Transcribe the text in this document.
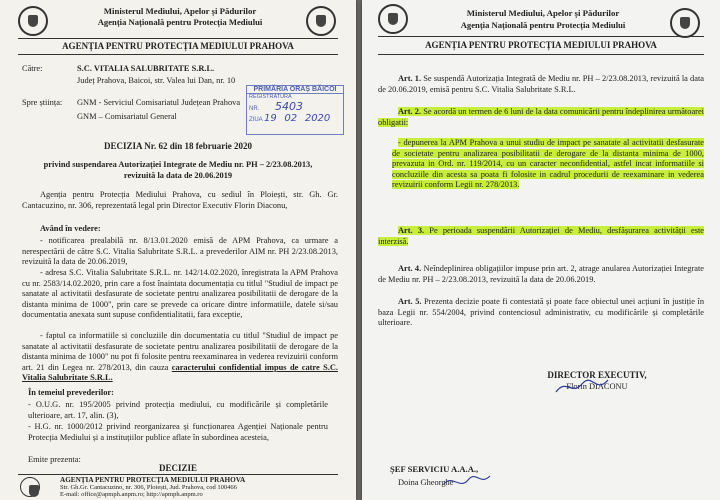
Ministerul Mediului, Apelor și Pădurilor
Agenția Națională pentru Protecția Mediului
AGENȚIA PENTRU PROTECȚIA MEDIULUI PRAHOVA
Către:	S.C. VITALIA SALUBRITATE S.R.L.
Județ Prahova, Baicoi, str. Valea lui Dan, nr. 10
Spre știința: GNM - Serviciul Comisariatul Județean Prahova
GNM – Comisariatul General
PRIMĂRIA ORAȘ BĂICOI
REGISTRATURA
NR. 5403
ZIUA 19 02 2020
DECIZIA Nr. 62 din 18 februarie 2020
privind suspendarea Autorizației Integrate de Mediu nr. PH – 2/23.08.2013,
revizuită la data de 20.06.2019
Agenția pentru Protecția Mediului Prahova, cu sediul în Ploiești, str. Gh. Gr. Cantacuzino, nr. 306, reprezentată legal prin Director Executiv Florin Diaconu,
Având în vedere:
- notificarea prealabilă nr. 8/13.01.2020 emisă de APM Prahova, ca urmare a nerespectării de către S.C. Vitalia Salubritate S.R.L. a prevederilor AIM nr. PH 2/23.08.2013, revizuită la data de 20.06.2019,
- adresa S.C. Vitalia Salubritate S.R.L. nr. 142/14.02.2020, înregistrata la APM Prahova cu nr. 2583/14.02.2020, prin care a fost înaintata documentația cu titlul "Studiul de impact pe sanatate al activitatii desfasurate de societate pentru analizarea posibilitatii de derogare de la distanta minima de 1000", prin care se prevede ca oricare dintre informatiile, datele si/sau documentatia anexata sunt supuse confidentialitatii, fara exceptie,
- faptul ca informatiile si concluziile din documentatia cu titlul "Studiul de impact pe sanatate al activitatii desfasurate de societate pentru analizarea posibilitatii de derogare de la distanta minima de 1000" nu pot fi folosite pentru reexaminarea in vederea revizuirii conform art. 21 din Legea nr. 278/2013, din cauza caracterului confidential impus de catre S.C. Vitalia Salubritate S.R.L.
În temeiul prevederilor:
- O.U.G. nr. 195/2005 privind protecția mediului, cu modificările și completările ulterioare, art. 17, alin. (3),
- H.G. nr. 1000/2012 privind reorganizarea și funcționarea Agenției Naționale pentru Protecția Mediului și a instituțiilor publice aflate în subordinea acesteia,
Emite prezenta:
DECIZIE
AGENȚIA PENTRU PROTECȚIA MEDIULUI PRAHOVA
Str. Gh.Gr. Cantacuzino, nr. 306, Ploiești, Jud. Prahova, cod 100466
E-mail: office@apmph.anpm.ro; http://apmph.anpm.ro
Ministerul Mediului, Apelor și Pădurilor
Agenția Națională pentru Protecția Mediului
AGENȚIA PENTRU PROTECȚIA MEDIULUI PRAHOVA
Art. 1. Se suspendă Autorizația Integrată de Mediu nr. PH – 2/23.08.2013, revizuită la data de 20.06.2019, emisă pentru S.C. Vitalia Salubritate S.R.L.
Art. 2. Se acordă un termen de 6 luni de la data comunicării pentru îndeplinirea următoarei obligatii:
- depunerea la APM Prahova a unui studiu de impact pe sanatate al activitatii desfasurate de societate pentru analizarea posibilitatii de derogare de la distanta minima de 1000, prevazuta in Ord. nr. 119/2014, cu un caracter neconfidential, astfel incat informatiile si concluziile din acesta sa poata fi folosite in cadrul procedurii de reexaminare in vederea revizuirii conform Legii nr. 278/2013.
Art. 3. Pe perioada suspendării Autorizației de Mediu, desfășurarea activității este interzisă.
Art. 4. Neîndeplinirea obligațiilor impuse prin art. 2, atrage anularea Autorizației Integrate de Mediu nr. PH – 2/23.08.2013, revizuită la data de 20.06.2019.
Art. 5. Prezenta decizie poate fi contestată și poate face obiectul unei acțiuni în justiție în baza Legii nr. 554/2004, privind contenciosul administrativ, cu modificările și completările ulterioare.
DIRECTOR EXECUTIV,
Florin DIACONU
ȘEF SERVICIU A.A.A.,
Doina Gheorghe
